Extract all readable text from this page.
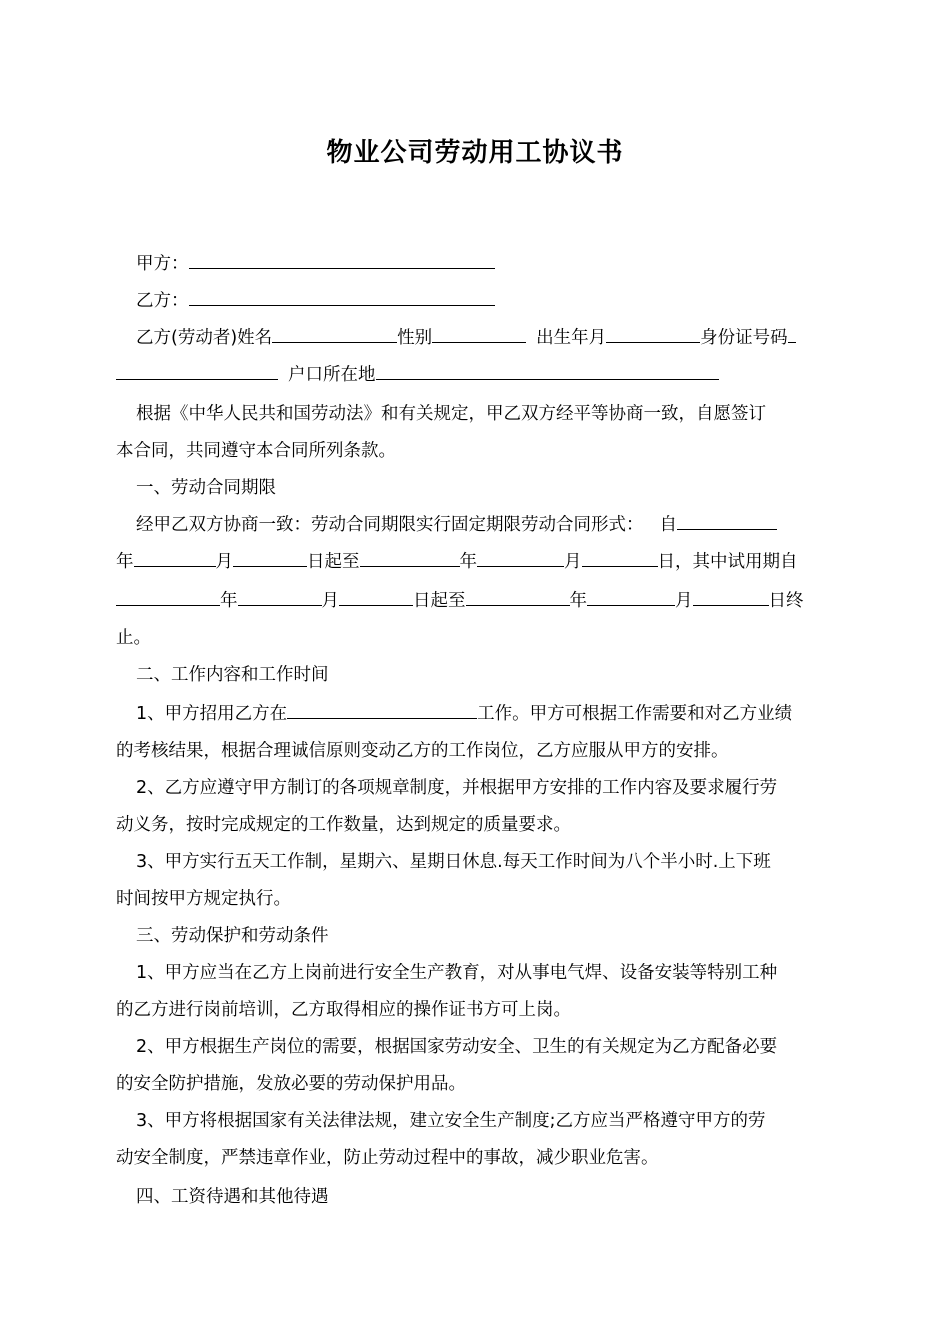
物业公司劳动用工协议书
甲方：
乙方：
乙方(劳动者)姓名	性别	出生年月	身份证号码
户口所在地
根据《中华人民共和国劳动法》和有关规定，甲乙双方经平等协商一致，自愿签订
本合同，共同遵守本合同所列条款。
一、劳动合同期限
经甲乙双方协商一致：劳动合同期限实行固定期限劳动合同形式： 自
年	月	日起至	年	月	日，其中试用期自
年	月	日起至	年	月	日终
止。
二、工作内容和工作时间
1、甲方招用乙方在	工作。甲方可根据工作需要和对乙方业绩
的考核结果，根据合理诚信原则变动乙方的工作岗位，乙方应服从甲方的安排。
2、乙方应遵守甲方制订的各项规章制度，并根据甲方安排的工作内容及要求履行劳
动义务，按时完成规定的工作数量，达到规定的质量要求。
3、甲方实行五天工作制，星期六、星期日休息.每天工作时间为八个半小时.上下班
时间按甲方规定执行。
三、劳动保护和劳动条件
1、甲方应当在乙方上岗前进行安全生产教育，对从事电气焊、设备安装等特别工种
的乙方进行岗前培训，乙方取得相应的操作证书方可上岗。
2、甲方根据生产岗位的需要，根据国家劳动安全、卫生的有关规定为乙方配备必要
的安全防护措施，发放必要的劳动保护用品。
3、甲方将根据国家有关法律法规，建立安全生产制度;乙方应当严格遵守甲方的劳
动安全制度，严禁违章作业，防止劳动过程中的事故，减少职业危害。
四、工资待遇和其他待遇
